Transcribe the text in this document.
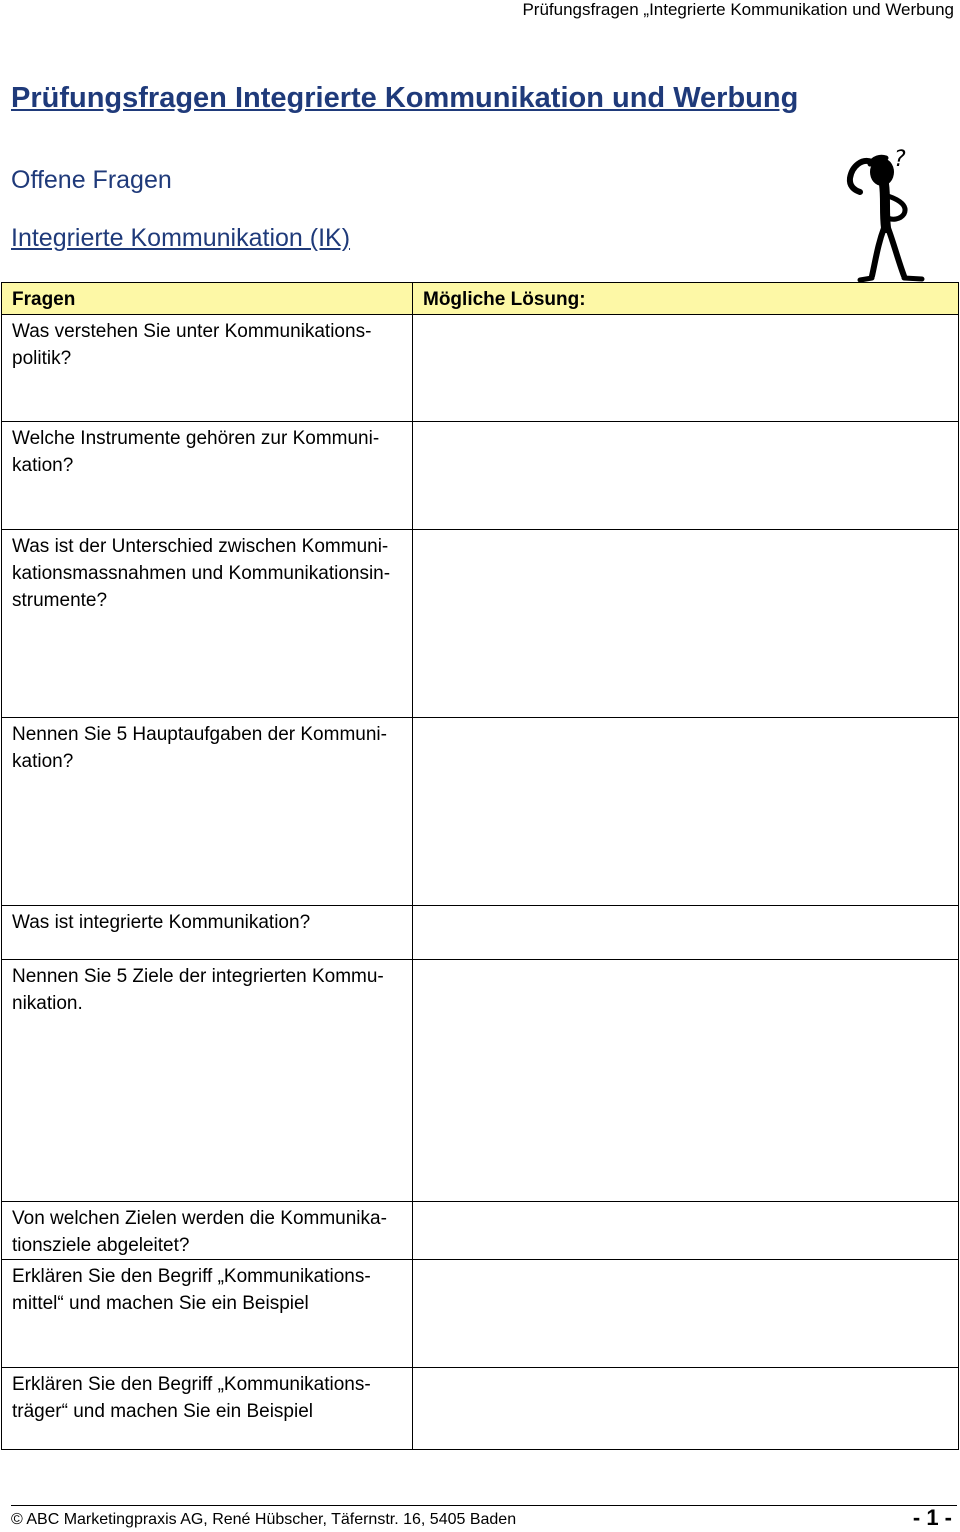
Prüfungsfragen „Integrierte Kommunikation und Werbung
Prüfungsfragen Integrierte Kommunikation und Werbung
Offene Fragen
Integrierte Kommunikation (IK)
?
Fragen	Mögliche Lösung:

Was verstehen Sie unter Kommunikations-
politik?	

Welche Instrumente gehören zur Kommuni-
kation?	

Was ist der Unterschied zwischen Kommuni-
kationsmassnahmen und Kommunikationsin-
strumente?	

Nennen Sie 5 Hauptaufgaben der Kommuni-
kation?	

Was ist integrierte Kommunikation?	

Nennen Sie 5 Ziele der integrierten Kommu-
nikation.	

Von welchen Zielen werden die Kommunika-
tionsziele abgeleitet?	

Erklären Sie den Begriff „Kommunikations-
mittel“ und machen Sie ein Beispiel	

Erklären Sie den Begriff „Kommunikations-
träger“ und machen Sie ein Beispiel	

© ABC Marketingpraxis AG, René Hübscher, Täfernstr. 16, 5405 Baden	- 1 -
